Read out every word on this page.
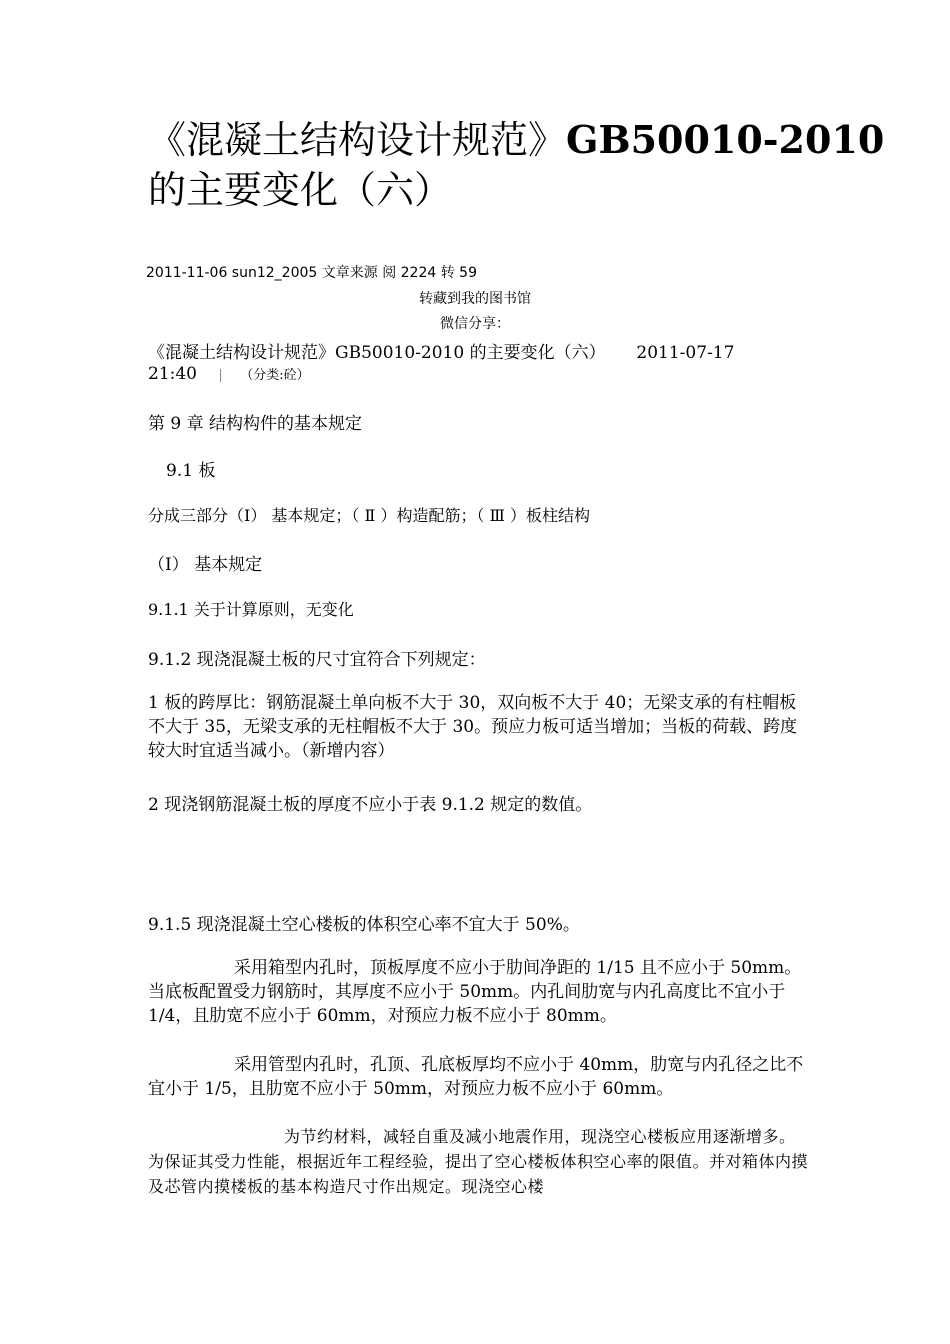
《混凝土结构设计规范》GB50010-2010
的主要变化（六）
2011-11-06 sun12_2005 文章来源 阅 2224 转 59
转藏到我的图书馆
微信分享：
《混凝土结构设计规范》GB50010-2010 的主要变化（六） 2011-07-17
21:40 | （分类:砼）
第 9 章 结构构件的基本规定
9.1 板
分成三部分（Ⅰ） 基本规定；（ Ⅱ ）构造配筋；（ Ⅲ ）板柱结构
（I） 基本规定
9.1.1 关于计算原则，无变化
9.1.2 现浇混凝土板的尺寸宜符合下列规定：
1 板的跨厚比：钢筋混凝土单向板不大于 30，双向板不大于 40；无梁支承的有柱帽板不大于 35，无梁支承的无柱帽板不大于 30。预应力板可适当增加；当板的荷载、跨度较大时宜适当减小。（新增内容）
2 现浇钢筋混凝土板的厚度不应小于表 9.1.2 规定的数值。
9.1.5 现浇混凝土空心楼板的体积空心率不宜大于 50%。
采用箱型内孔时，顶板厚度不应小于肋间净距的 1/15 且不应小于 50mm。当底板配置受力钢筋时，其厚度不应小于 50mm。内孔间肋宽与内孔高度比不宜小于 1/4，且肋宽不应小于 60mm，对预应力板不应小于 80mm。
采用管型内孔时，孔顶、孔底板厚均不应小于 40mm，肋宽与内孔径之比不宜小于 1/5，且肋宽不应小于 50mm，对预应力板不应小于 60mm。
为节约材料，减轻自重及减小地震作用，现浇空心楼板应用逐渐增多。为保证其受力性能，根据近年工程经验，提出了空心楼板体积空心率的限值。并对箱体内摸及芯管内摸楼板的基本构造尺寸作出规定。现浇空心楼
